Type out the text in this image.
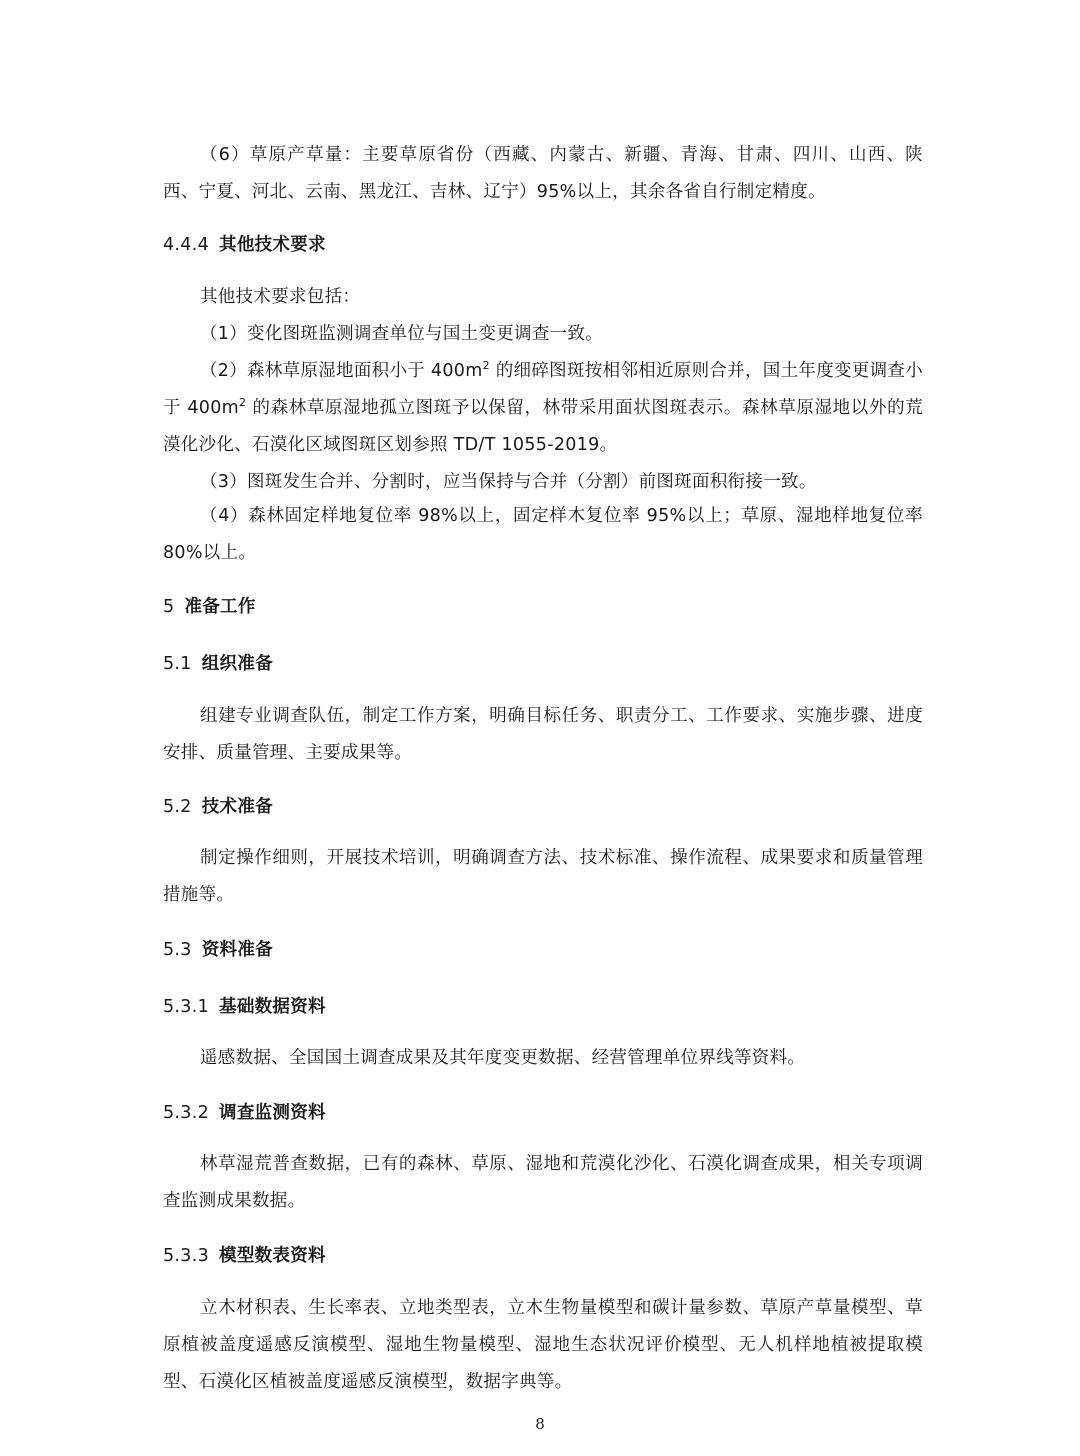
（6）草原产草量：主要草原省份（西藏、内蒙古、新疆、青海、甘肃、四川、山西、陕西、宁夏、河北、云南、黑龙江、吉林、辽宁）95%以上，其余各省自行制定精度。

4.4.4 其他技术要求

其他技术要求包括：

（1）变化图斑监测调查单位与国土变更调查一致。

（2）森林草原湿地面积小于 $400m^2$ 的细碎图斑按相邻相近原则合并，国土年度变更调查小于 $400m^2$ 的森林草原湿地孤立图斑予以保留，林带采用面状图斑表示。森林草原湿地以外的荒漠化沙化、石漠化区域图斑区划参照 TD/T 1055-2019。

（3）图斑发生合并、分割时，应当保持与合并（分割）前图斑面积衔接一致。

（4）森林固定样地复位率 98%以上，固定样木复位率 95%以上；草原、湿地样地复位率 80%以上。

5 准备工作
5.1 组织准备

组建专业调查队伍，制定工作方案，明确目标任务、职责分工、工作要求、实施步骤、进度安排、质量管理、主要成果等。

5.2 技术准备

制定操作细则，开展技术培训，明确调查方法、技术标准、操作流程、成果要求和质量管理措施等。

5.3 资料准备
5.3.1 基础数据资料

遥感数据、全国国土调查成果及其年度变更数据、经营管理单位界线等资料。

5.3.2 调查监测资料

林草湿荒普查数据，已有的森林、草原、湿地和荒漠化沙化、石漠化调查成果，相关专项调查监测成果数据。

5.3.3 模型数表资料

立木材积表、生长率表、立地类型表，立木生物量模型和碳计量参数、草原产草量模型、草原植被盖度遥感反演模型、湿地生物量模型、湿地生态状况评价模型、无人机样地植被提取模型、石漠化区植被盖度遥感反演模型，数据字典等。

8
